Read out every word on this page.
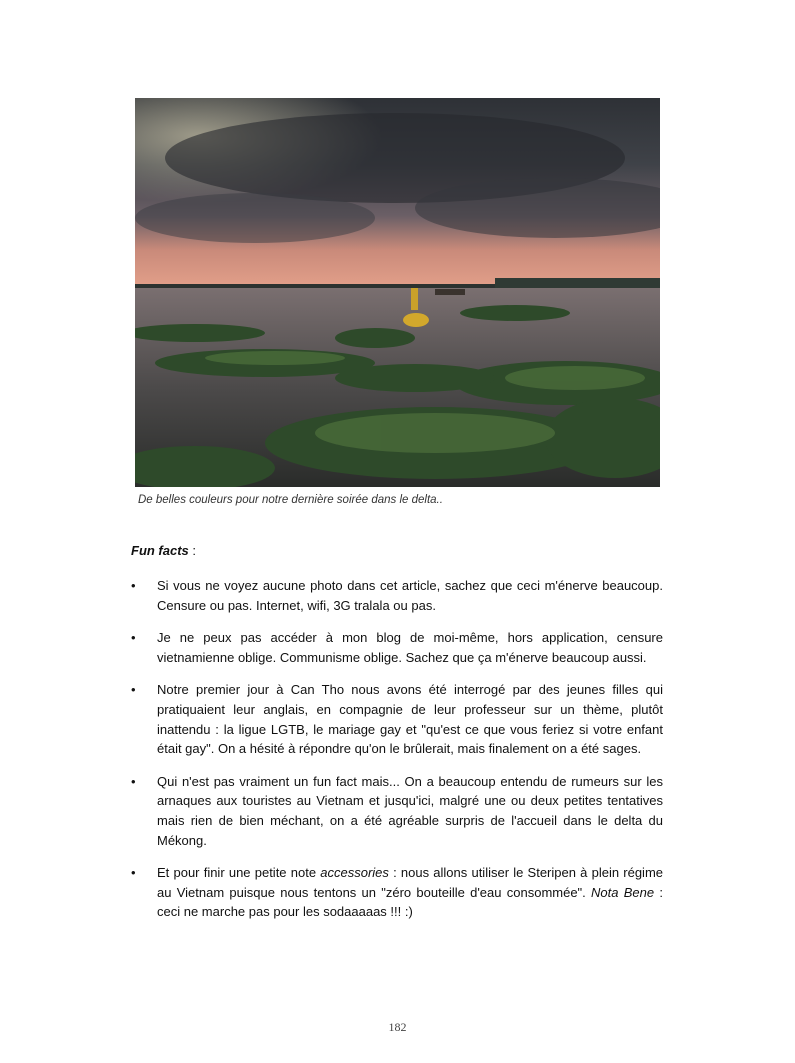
De belles couleurs pour notre dernière soirée dans le delta..
Fun facts :
• Si vous ne voyez aucune photo dans cet article, sachez que ceci m'énerve beaucoup. Censure ou pas. Internet, wifi, 3G tralala ou pas.
• Je ne peux pas accéder à mon blog de moi-même, hors application, censure vietnamienne oblige. Communisme oblige. Sachez que ça m'énerve beaucoup aussi.
• Notre premier jour à Can Tho nous avons été interrogé par des jeunes filles qui pratiquaient leur anglais, en compagnie de leur professeur sur un thème, plutôt inattendu : la ligue LGTB, le mariage gay et "qu'est ce que vous feriez si votre enfant était gay". On a hésité à répondre qu'on le brûlerait, mais finalement on a été sages.
• Qui n'est pas vraiment un fun fact mais... On a beaucoup entendu de rumeurs sur les arnaques aux touristes au Vietnam et jusqu'ici, malgré une ou deux petites tentatives mais rien de bien méchant, on a été agréable surpris de l'accueil dans le delta du Mékong.
• Et pour finir une petite note accessories : nous allons utiliser le Steripen à plein régime au Vietnam puisque nous tentons un "zéro bouteille d'eau consommée". Nota Bene : ceci ne marche pas pour les sodaaaaas !!! :)
182
